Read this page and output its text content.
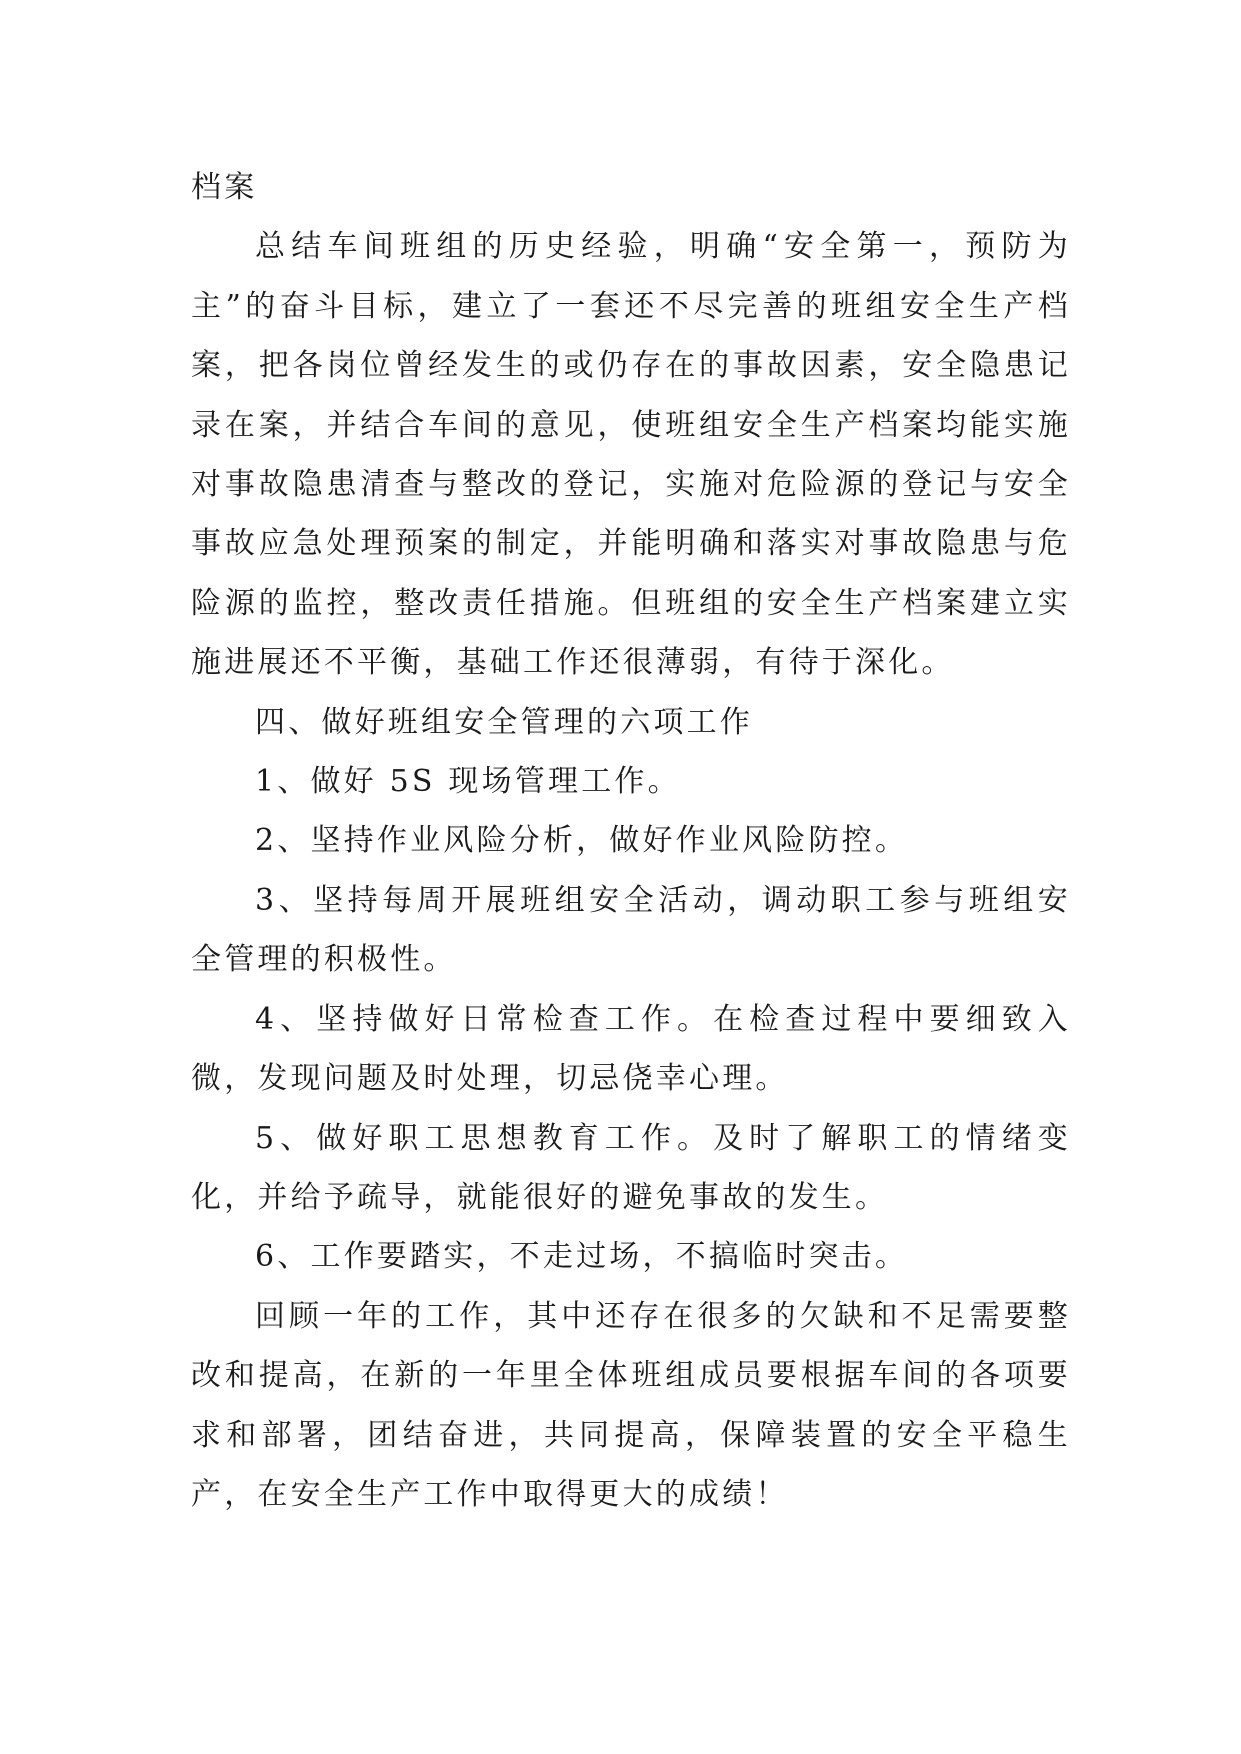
档案

总结车间班组的历史经验，明确“安全第一，预防为主”的奋斗目标，建立了一套还不尽完善的班组安全生产档案，把各岗位曾经发生的或仍存在的事故因素，安全隐患记录在案，并结合车间的意见，使班组安全生产档案均能实施对事故隐患清查与整改的登记，实施对危险源的登记与安全事故应急处理预案的制定，并能明确和落实对事故隐患与危险源的监控，整改责任措施。但班组的安全生产档案建立实施进展还不平衡，基础工作还很薄弱，有待于深化。

四、做好班组安全管理的六项工作

1、做好 5S 现场管理工作。

2、坚持作业风险分析，做好作业风险防控。

3、坚持每周开展班组安全活动，调动职工参与班组安全管理的积极性。

4、坚持做好日常检查工作。在检查过程中要细致入微，发现问题及时处理，切忌侥幸心理。

5、做好职工思想教育工作。及时了解职工的情绪变化，并给予疏导，就能很好的避免事故的发生。

6、工作要踏实，不走过场，不搞临时突击。

回顾一年的工作，其中还存在很多的欠缺和不足需要整改和提高，在新的一年里全体班组成员要根据车间的各项要求和部署，团结奋进，共同提高，保障装置的安全平稳生产，在安全生产工作中取得更大的成绩！
